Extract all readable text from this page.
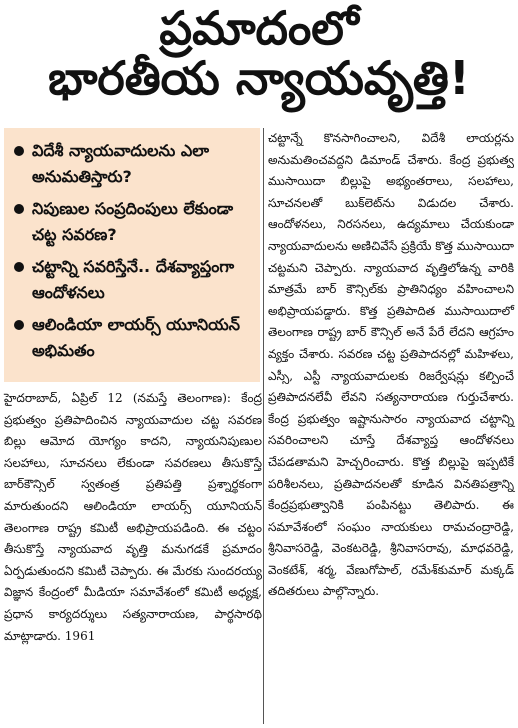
ప్రమాదంలో
భారతీయ న్యాయవృత్తి!
విదేశీ న్యాయవాదులను ఎలా అనుమతిస్తారు?
నిపుణుల సంప్రదింపులు లేకుండా చట్ట సవరణ?
చట్టాన్ని సవరిస్తేనే.. దేశవ్యాప్తంగా ఆందోళనలు
ఆలిండియా లాయర్స్ యూనియన్ అభిమతం
హైదరాబాద్, ఏప్రిల్ 12 (నమస్తే తెలంగాణ): కేంద్ర ప్రభుత్వం ప్రతిపాదించిన న్యాయవాదుల చట్ట సవరణ బిల్లు ఆమోద యోగ్యం కాదని, న్యాయనిపుణుల సలహాలు, సూచనలు లేకుండా సవరణలు తీసుకొస్తే బార్‌కౌన్సిల్ స్వతంత్ర ప్రతిపత్తి ప్రశ్నార్థకంగా మారుతుందని ఆలిండియా లాయర్స్ యూనియన్ తెలంగాణ రాష్ట్ర కమిటీ అభిప్రాయపడింది. ఈ చట్టం తీసుకొస్తే న్యాయవాద వృత్తి మనుగడకే ప్రమాదం ఏర్పడుతుందని కమిటీ చెప్పారు. ఈ మేరకు సుందరయ్య విజ్ఞాన కేంద్రంలో మీడియా సమావేశంలో కమిటీ అధ్యక్ష, ప్రధాన కార్యదర్శులు సత్యనారాయణ, పార్థసారథి మాట్లాడారు. 1961
చట్టాన్నే కొనసాగించాలని, విదేశీ లాయర్లను అనుమతించవద్దని డిమాండ్ చేశారు. కేంద్ర ప్రభుత్వ ముసాయిదా బిల్లుపై అభ్యంతరాలు, సలహాలు, సూచనలతో బుక్‌లెట్‌ను విడుదల చేశారు. ఆందోళనలు, నిరసనలు, ఉద్యమాలు చేయకుండా న్యాయవాదులను అణిచివేసే ప్రక్రియే కొత్త ముసాయిదా చట్టమని చెప్పారు. న్యాయవాద వృత్తిలోఉన్న వారికి మాత్రమే బార్ కౌన్సిల్‌కు ప్రాతినిధ్యం వహించాలని అభిప్రాయపడ్డారు. కొత్త ప్రతిపాదిత ముసాయిదాలో తెలంగాణ రాష్ట్ర బార్ కౌన్సిల్ అనే పేరే లేదని ఆగ్రహం వ్యక్తం చేశారు. సవరణ చట్ట ప్రతిపాదనల్లో మహిళలు, ఎస్సీ, ఎస్టీ న్యాయవాదులకు రిజర్వేషన్లు కల్పించే ప్రతిపాదనలేవీ లేవని సత్యనారాయణ గుర్తుచేశారు. కేంద్ర ప్రభుత్వం ఇష్టానుసారం న్యాయవాద చట్టాన్ని సవరించాలని చూస్తే దేశవ్యాప్త ఆందోళనలు చేపడతామని హెచ్చరించారు. కొత్త బిల్లుపై ఇప్పటికే పరిశీలనలు, ప్రతిపాదనలతో కూడిన వినతిపత్రాన్ని కేంద్రప్రభుత్వానికి పంపినట్టు తెలిపారు. ఈ సమావేశంలో సంఘం నాయకులు రామచంద్రారెడ్డి, శ్రీనివాసరెడ్డి, వెంకటరెడ్డి, శ్రీనివాసరావు, మాధవరెడ్డి, వెంకటేశ్, శర్మ, వేణుగోపాల్, రమేశ్‌కుమార్ మక్కడ్ తదితరులు పాల్గొన్నారు.
